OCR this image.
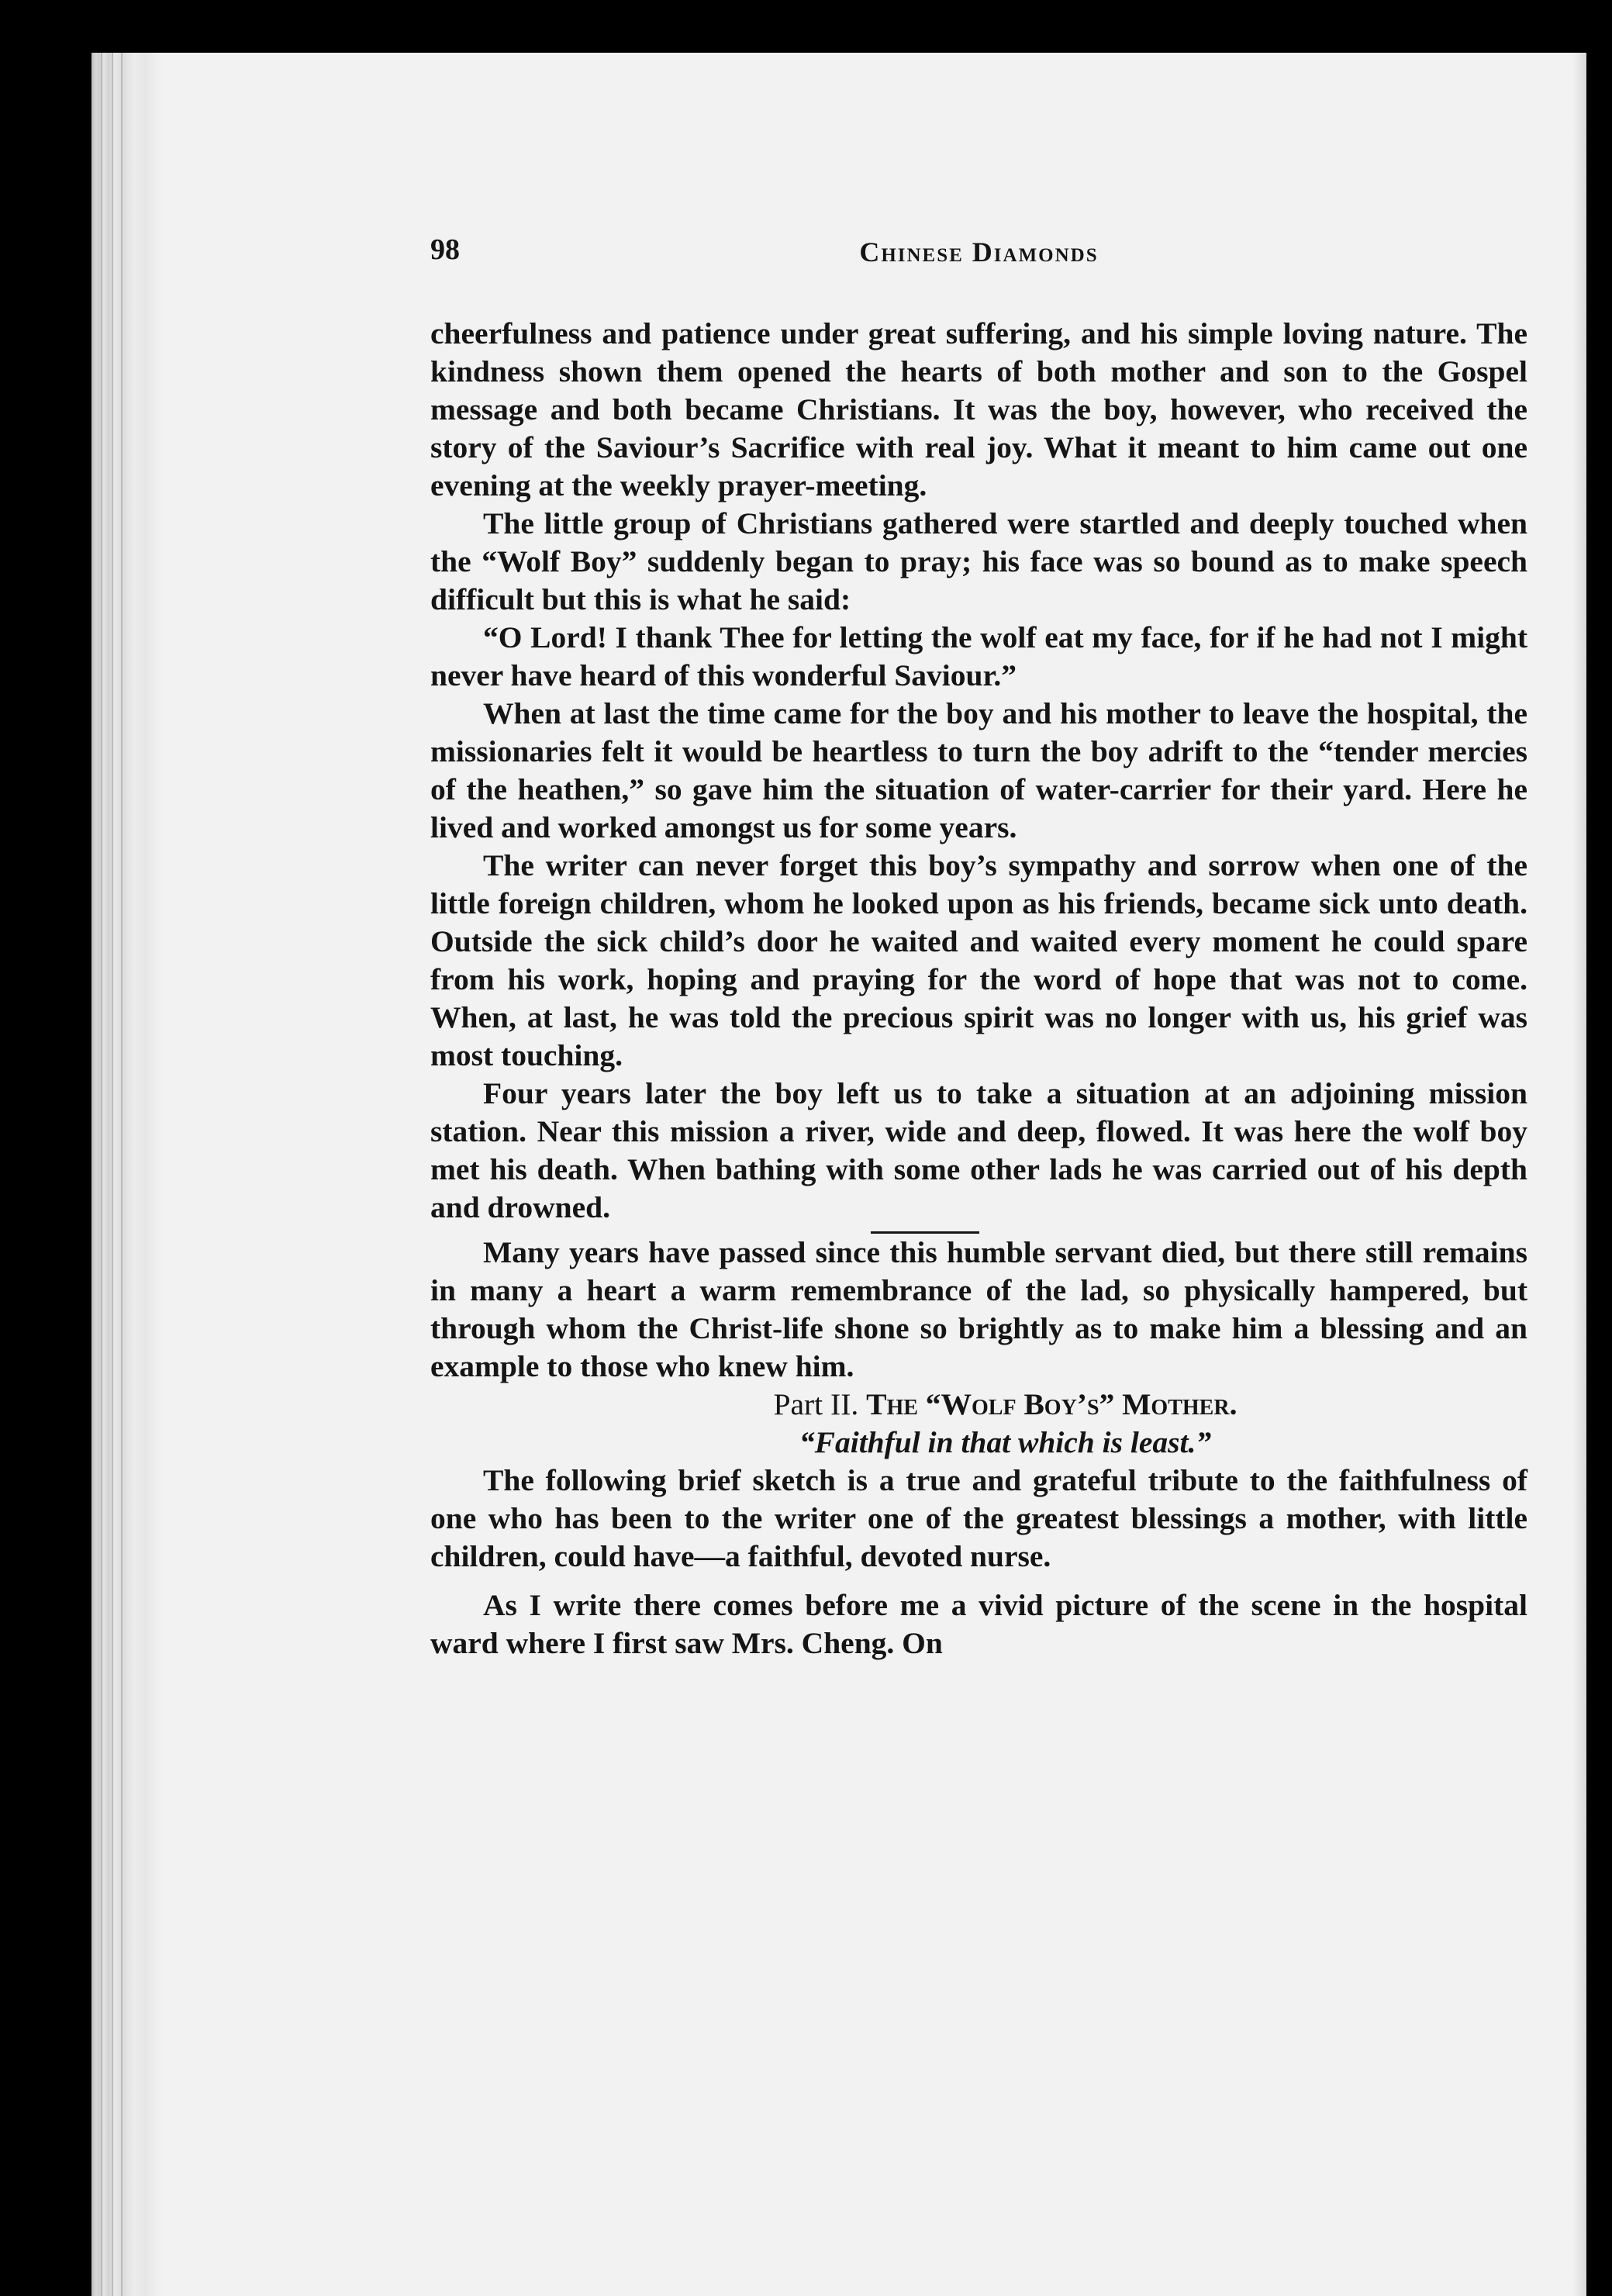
98	Chinese Diamonds

cheerfulness and patience under great suffering, and his simple loving nature. The kindness shown them opened the hearts of both mother and son to the Gospel message and both became Christians. It was the boy, however, who received the story of the Saviour’s Sacrifice with real joy. What it meant to him came out one evening at the weekly prayer-meeting.

The little group of Christians gathered were startled and deeply touched when the “Wolf Boy” suddenly began to pray; his face was so bound as to make speech difficult but this is what he said:

“O Lord! I thank Thee for letting the wolf eat my face, for if he had not I might never have heard of this wonderful Saviour.”

When at last the time came for the boy and his mother to leave the hospital, the missionaries felt it would be heartless to turn the boy adrift to the “tender mercies of the heathen,” so gave him the situation of water-carrier for their yard. Here he lived and worked amongst us for some years.

The writer can never forget this boy’s sympathy and sorrow when one of the little foreign children, whom he looked upon as his friends, became sick unto death. Outside the sick child’s door he waited and waited every moment he could spare from his work, hoping and praying for the word of hope that was not to come. When, at last, he was told the precious spirit was no longer with us, his grief was most touching.

Four years later the boy left us to take a situation at an adjoining mission station. Near this mission a river, wide and deep, flowed. It was here the wolf boy met his death. When bathing with some other lads he was carried out of his depth and drowned.

Many years have passed since this humble servant died, but there still remains in many a heart a warm remembrance of the lad, so physically hampered, but through whom the Christ-life shone so brightly as to make him a blessing and an example to those who knew him.

Part II. The “Wolf Boy’s” Mother.

“Faithful in that which is least.”

The following brief sketch is a true and grateful tribute to the faithfulness of one who has been to the writer one of the greatest blessings a mother, with little children, could have—a faithful, devoted nurse.

As I write there comes before me a vivid picture of the scene in the hospital ward where I first saw Mrs. Cheng. On
